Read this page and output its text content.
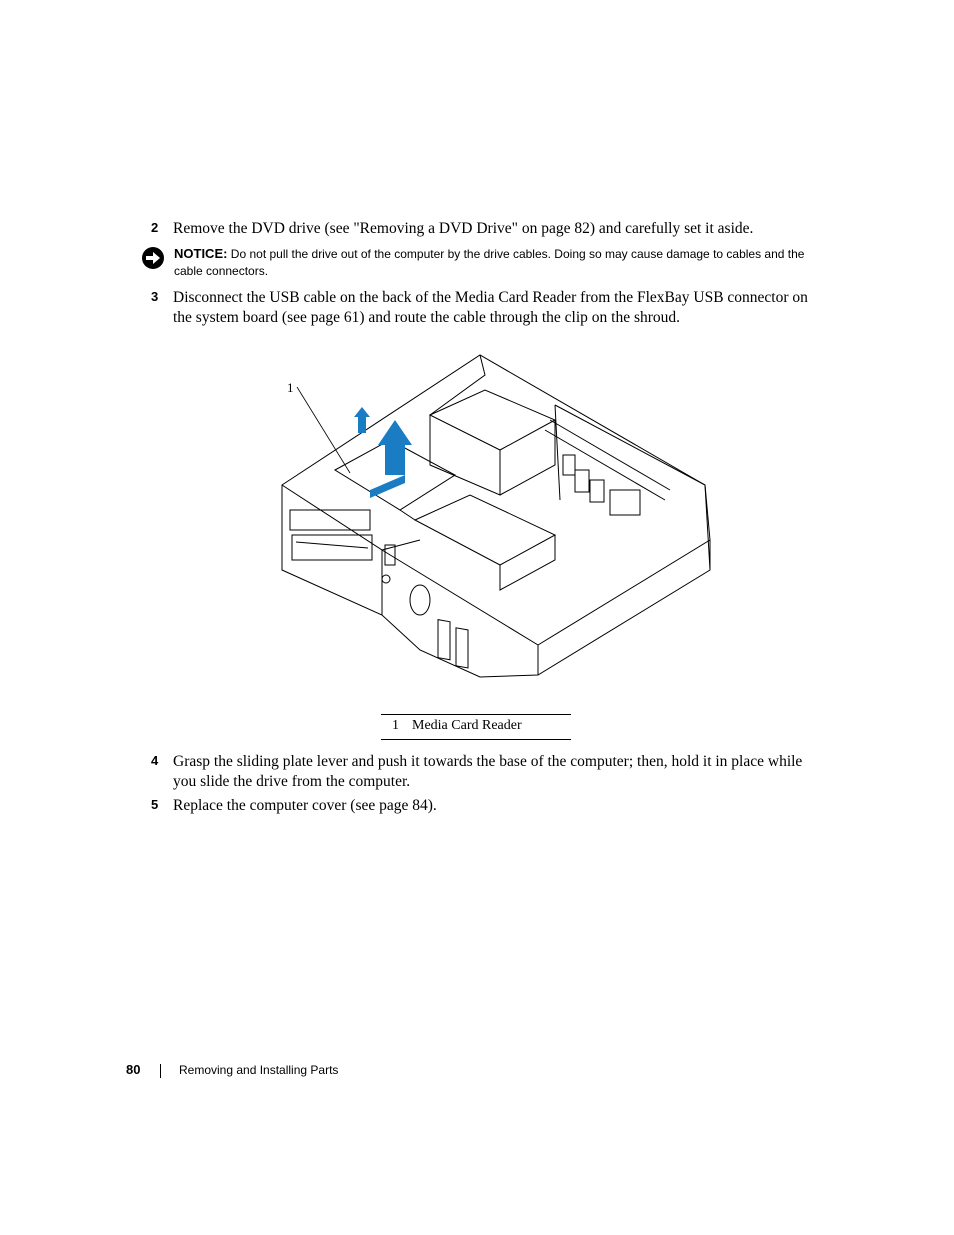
2 Remove the DVD drive (see "Removing a DVD Drive" on page 82) and carefully set it aside.
NOTICE: Do not pull the drive out of the computer by the drive cables. Doing so may cause damage to cables and the cable connectors.
3 Disconnect the USB cable on the back of the Media Card Reader from the FlexBay USB connector on the system board (see page 61) and route the cable through the clip on the shroud.
1
1 Media Card Reader
4 Grasp the sliding plate lever and push it towards the base of the computer; then, hold it in place while you slide the drive from the computer.
5 Replace the computer cover (see page 84).
80	Removing and Installing Parts
